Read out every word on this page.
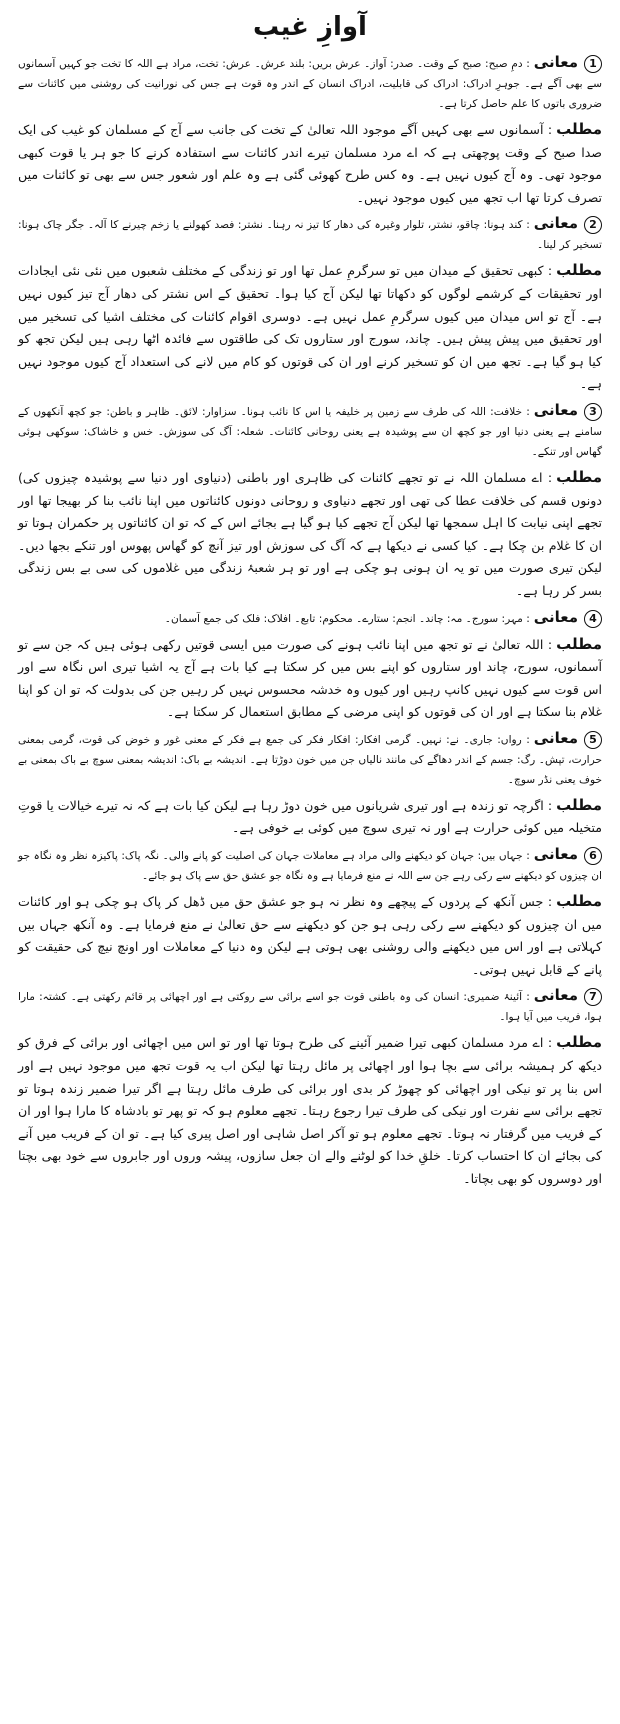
آوازِ غیب

1معانی: دمِ صبح: صبح کے وقت۔ صدر: آواز۔ عرش بریں: بلند عرش۔ عرش: تخت، مراد ہے اللہ کا تخت جو کہیں آسمانوں سے بھی آگے ہے۔ جوہرِ ادراک: ادراک کی قابلیت، ادراک انسان کے اندر وہ قوت ہے جس کی نورانیت کی روشنی میں کائنات سے ضروری باتوں کا علم حاصل کرتا ہے۔

مطلب: آسمانوں سے بھی کہیں آگے موجود اللہ تعالیٰ کے تخت کی جانب سے آج کے مسلمان کو غیب کی ایک صدا صبح کے وقت پوچھتی ہے کہ اے مرد مسلمان تیرے اندر کائنات سے استفادہ کرنے کا جو ہر یا قوت کبھی موجود تھی۔ وہ آج کیوں نہیں ہے۔ وہ کس طرح کھوئی گئی ہے وہ علم اور شعور جس سے بھی تو کائنات میں تصرف کرتا تھا اب تجھ میں کیوں موجود نہیں۔

2معانی: کند ہونا: چاقو، نشتر، تلوار وغیرہ کی دھار کا تیز نہ رہنا۔ نشتر: فصد کھولنے یا زخم چیرنے کا آلہ۔ جگر چاک ہونا: تسخیر کر لینا۔

مطلب: کبھی تحقیق کے میدان میں تو سرگرمِ عمل تھا اور تو زندگی کے مختلف شعبوں میں نئی نئی ایجادات اور تحقیقات کے کرشمے لوگوں کو دکھاتا تھا لیکن آج کیا ہوا۔ تحقیق کے اس نشتر کی دھار آج تیز کیوں نہیں ہے۔ آج تو اس میدان میں کیوں سرگرمِ عمل نہیں ہے۔ دوسری اقوام کائنات کی مختلف اشیا کی تسخیر میں اور تحقیق میں پیش پیش ہیں۔ چاند، سورج اور ستاروں تک کی طاقتوں سے فائدہ اٹھا رہی ہیں لیکن تجھ کو کیا ہو گیا ہے۔ تجھ میں ان کو تسخیر کرنے اور ان کی قوتوں کو کام میں لانے کی استعداد آج کیوں موجود نہیں ہے۔

3معانی: خلافت: اللہ کی طرف سے زمین پر خلیفہ یا اس کا نائب ہونا۔ سزاوار: لائق۔ ظاہر و باطن: جو کچھ آنکھوں کے سامنے ہے یعنی دنیا اور جو کچھ ان سے پوشیدہ ہے یعنی روحانی کائنات۔ شعلہ: آگ کی سوزش۔ خس و خاشاک: سوکھی ہوئی گھاس اور تنکے۔

مطلب: اے مسلمان اللہ نے تو تجھے کائنات کی ظاہری اور باطنی (دنیاوی اور دنیا سے پوشیدہ چیزوں کی) دونوں قسم کی خلافت عطا کی تھی اور تجھے دنیاوی و روحانی دونوں کائناتوں میں اپنا نائب بنا کر بھیجا تھا اور تجھے اپنی نیابت کا اہل سمجھا تھا لیکن آج تجھے کیا ہو گیا ہے بجائے اس کے کہ تو ان کائناتوں پر حکمران ہوتا تو ان کا غلام بن چکا ہے۔ کیا کسی نے دیکھا ہے کہ آگ کی سوزش اور تیز آنچ کو گھاس پھوس اور تنکے بجھا دیں۔ لیکن تیری صورت میں تو یہ ان ہونی ہو چکی ہے اور تو ہر شعبۂ زندگی میں غلاموں کی سی بے بس زندگی بسر کر رہا ہے۔

4معانی: مہر: سورج۔ مہ: چاند۔ انجم: ستارے۔ محکوم: تابع۔ افلاک: فلک کی جمع آسمان۔

مطلب: اللہ تعالیٰ نے تو تجھ میں اپنا نائب ہونے کی صورت میں ایسی قوتیں رکھی ہوئی ہیں کہ جن سے تو آسمانوں، سورج، چاند اور ستاروں کو اپنے بس میں کر سکتا ہے کیا بات ہے آج یہ اشیا تیری اس نگاہ سے اور اس قوت سے کیوں نہیں کانپ رہیں اور کیوں وہ خدشہ محسوس نہیں کر رہیں جن کی بدولت کہ تو ان کو اپنا غلام بنا سکتا ہے اور ان کی قوتوں کو اپنی مرضی کے مطابق استعمال کر سکتا ہے۔

5معانی: رواں: جاری۔ نے: نہیں۔ گرمی افکار: افکار فکر کی جمع ہے فکر کے معنی غور و خوض کی قوت، گرمی بمعنی حرارت، تپش۔ رگ: جسم کے اندر دھاگے کی مانند نالیاں جن میں خون دوڑتا ہے۔ اندیشہ بے باک: اندیشہ بمعنی سوچ بے باک بمعنی بے خوف یعنی نڈر سوچ۔

مطلب: اگرچہ تو زندہ ہے اور تیری شریانوں میں خون دوڑ رہا ہے لیکن کیا بات ہے کہ نہ تیرے خیالات یا قوتِ متخیلہ میں کوئی حرارت ہے اور نہ تیری سوچ میں کوئی بے خوفی ہے۔

6معانی: جہاں بیں: جہان کو دیکھنے والی مراد ہے معاملات جہان کی اصلیت کو پانے والی۔ نگہ پاک: پاکیزہ نظر وہ نگاہ جو ان چیزوں کو دیکھنے سے رکی رہے جن سے اللہ نے منع فرمایا ہے وہ نگاہ جو عشق حق سے پاک ہو جائے۔

مطلب: جس آنکھ کے پردوں کے پیچھے وہ نظر نہ ہو جو عشق حق میں ڈھل کر پاک ہو چکی ہو اور کائنات میں ان چیزوں کو دیکھنے سے رکی رہی ہو جن کو دیکھنے سے حق تعالیٰ نے منع فرمایا ہے۔ وہ آنکھ جہاں بیں کہلاتی ہے اور اس میں دیکھنے والی روشنی بھی ہوتی ہے لیکن وہ دنیا کے معاملات اور اونچ نیچ کی حقیقت کو پانے کے قابل نہیں ہوتی۔

7معانی: آئینۂ ضمیری: انسان کی وہ باطنی قوت جو اسے برائی سے روکتی ہے اور اچھائی پر قائم رکھتی ہے۔ کشتہ: مارا ہوا، فریب میں آیا ہوا۔

مطلب: اے مرد مسلمان کبھی تیرا ضمیر آئینے کی طرح ہوتا تھا اور تو اس میں اچھائی اور برائی کے فرق کو دیکھ کر ہمیشہ برائی سے بچا ہوا اور اچھائی پر مائل رہتا تھا لیکن اب یہ قوت تجھ میں موجود نہیں ہے اور اس بنا پر تو نیکی اور اچھائی کو چھوڑ کر بدی اور برائی کی طرف مائل رہتا ہے اگر تیرا ضمیر زندہ ہوتا تو تجھے برائی سے نفرت اور نیکی کی طرف تیرا رجوع رہتا۔ تجھے معلوم ہو کہ تو پھر تو بادشاہ کا مارا ہوا اور ان کے فریب میں گرفتار نہ ہوتا۔ تجھے معلوم ہو تو آکر اصل شاہی اور اصل پیری کیا ہے۔ تو ان کے فریب میں آنے کی بجائے ان کا احتساب کرتا۔ خلقِ خدا کو لوٹنے والے ان جعل سازوں، پیشہ وروں اور جابروں سے خود بھی بچتا اور دوسروں کو بھی بچاتا۔
